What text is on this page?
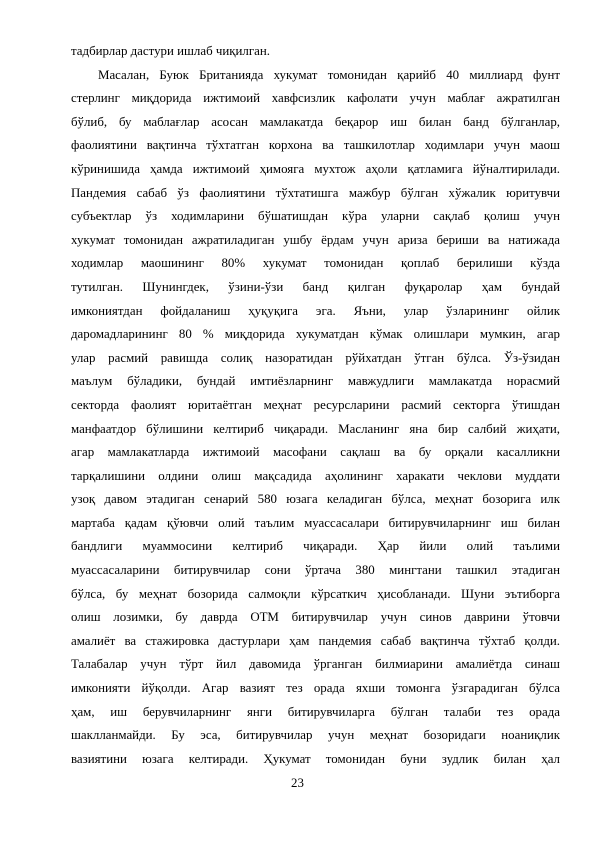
тадбирлар дастури ишлаб чиқилган.
Масалан, Буюк Британияда хукумат томонидан қарийб 40 миллиард фунт
стерлинг миқдорида ижтимоий хавфсизлик кафолати учун маблағ ажратилган
бўлиб, бу маблағлар асосан мамлакатда беқарор иш билан банд бўлганлар,
фаолиятини вақтинча тўхтатган корхона ва ташкилотлар ходимлари учун маош
кўринишида ҳамда ижтимоий ҳимояга мухтож аҳоли қатламига йўналтирилади.
Пандемия сабаб ўз фаолиятини тўхтатишга мажбур бўлган хўжалик юритувчи
субъектлар ўз ходимларини бўшатишдан кўра уларни сақлаб қолиш учун
хукумат томонидан ажратиладиган ушбу ёрдам учун ариза бериши ва натижада
ходимлар маошининг 80% хукумат томонидан қоплаб берилиши кўзда
тутилган. Шунингдек, ўзини-ўзи банд қилган фуқаролар ҳам бундай
имкониятдан фойдаланиш ҳуқуқига эга. Яъни, улар ўзларининг ойлик
даромадларининг 80 % миқдорида хукуматдан кўмак олишлари мумкин, агар
улар расмий равишда солиқ назоратидан рўйхатдан ўтган бўлса. Ўз-ўзидан
маълум бўладики, бундай имтиёзларнинг мавжудлиги мамлакатда норасмий
секторда фаолият юритаётган меҳнат ресурсларини расмий секторга ўтишдан
манфаатдор бўлишини келтириб чиқаради. Масланинг яна бир салбий жиҳати,
агар мамлакатларда ижтимоий масофани сақлаш ва бу орқали касалликни
тарқалишини олдини олиш мақсадида аҳолининг харакати чеклови муддати
узоқ давом этадиган сенарий 580 юзага келадиган бўлса, меҳнат бозорига илк
мартаба қадам қўювчи олий таълим муассасалари битирувчиларнинг иш билан
бандлиги муаммосини келтириб чиқаради. Ҳар йили олий таълими
муассасаларини битирувчилар сони ўртача 380 мингтани ташкил этадиган
бўлса, бу меҳнат бозорида салмоқли кўрсаткич ҳисобланади. Шуни эътиборга
олиш лозимки, бу даврда ОТМ битирувчилар учун синов даврини ўтовчи
амалиёт ва стажировка дастурлари ҳам пандемия сабаб вақтинча тўхтаб қолди.
Талабалар учун тўрт йил давомида ўрганган билмиарини амалиётда синаш
имконияти йўқолди. Агар вазият тез орада яхши томонга ўзгарадиган бўлса
ҳам, иш берувчиларнинг янги битирувчиларга бўлган талаби тез орада
шаклланмайди. Бу эса, битирувчилар учун меҳнат бозоридаги ноаниқлик
вазиятини юзага келтиради. Ҳукумат томонидан буни зудлик билан ҳал
23
